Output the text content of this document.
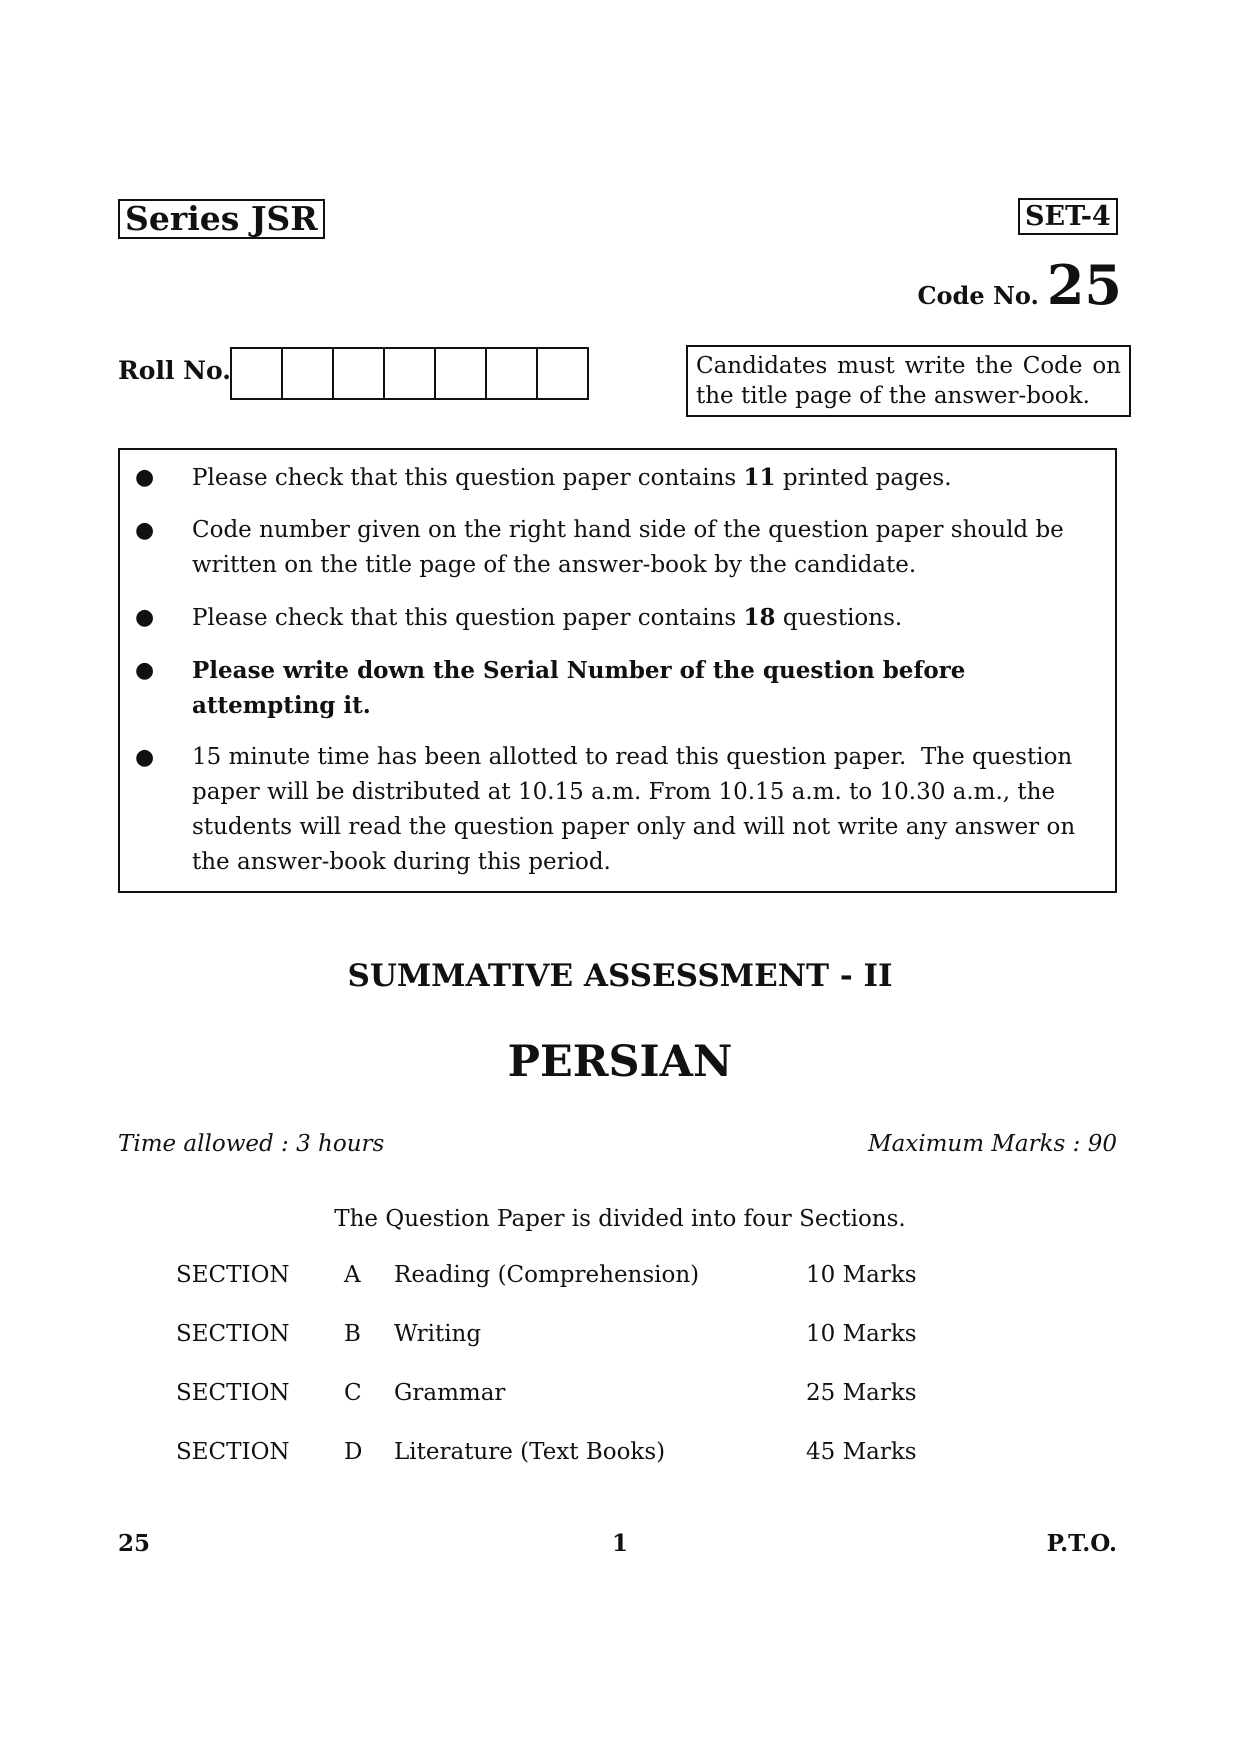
Series JSR	SET-4
Code No. 25
Roll No.	Candidates must write the Code on the title page of the answer-book.
● Please check that this question paper contains 11 printed pages.
● Code number given on the right hand side of the question paper should be written on the title page of the answer-book by the candidate.
● Please check that this question paper contains 18 questions.
● Please write down the Serial Number of the question before attempting it.
● 15 minute time has been allotted to read this question paper.  The question paper will be distributed at 10.15 a.m. From 10.15 a.m. to 10.30 a.m., the students will read the question paper only and will not write any answer on the answer-book during this period.
SUMMATIVE ASSESSMENT - II
PERSIAN
Time allowed : 3 hours	Maximum Marks : 90
The Question Paper is divided into four Sections.
SECTION	A	Reading (Comprehension)	10 Marks
SECTION	B	Writing	10 Marks
SECTION	C	Grammar	25 Marks
SECTION	D	Literature (Text Books)	45 Marks
25	1	P.T.O.
